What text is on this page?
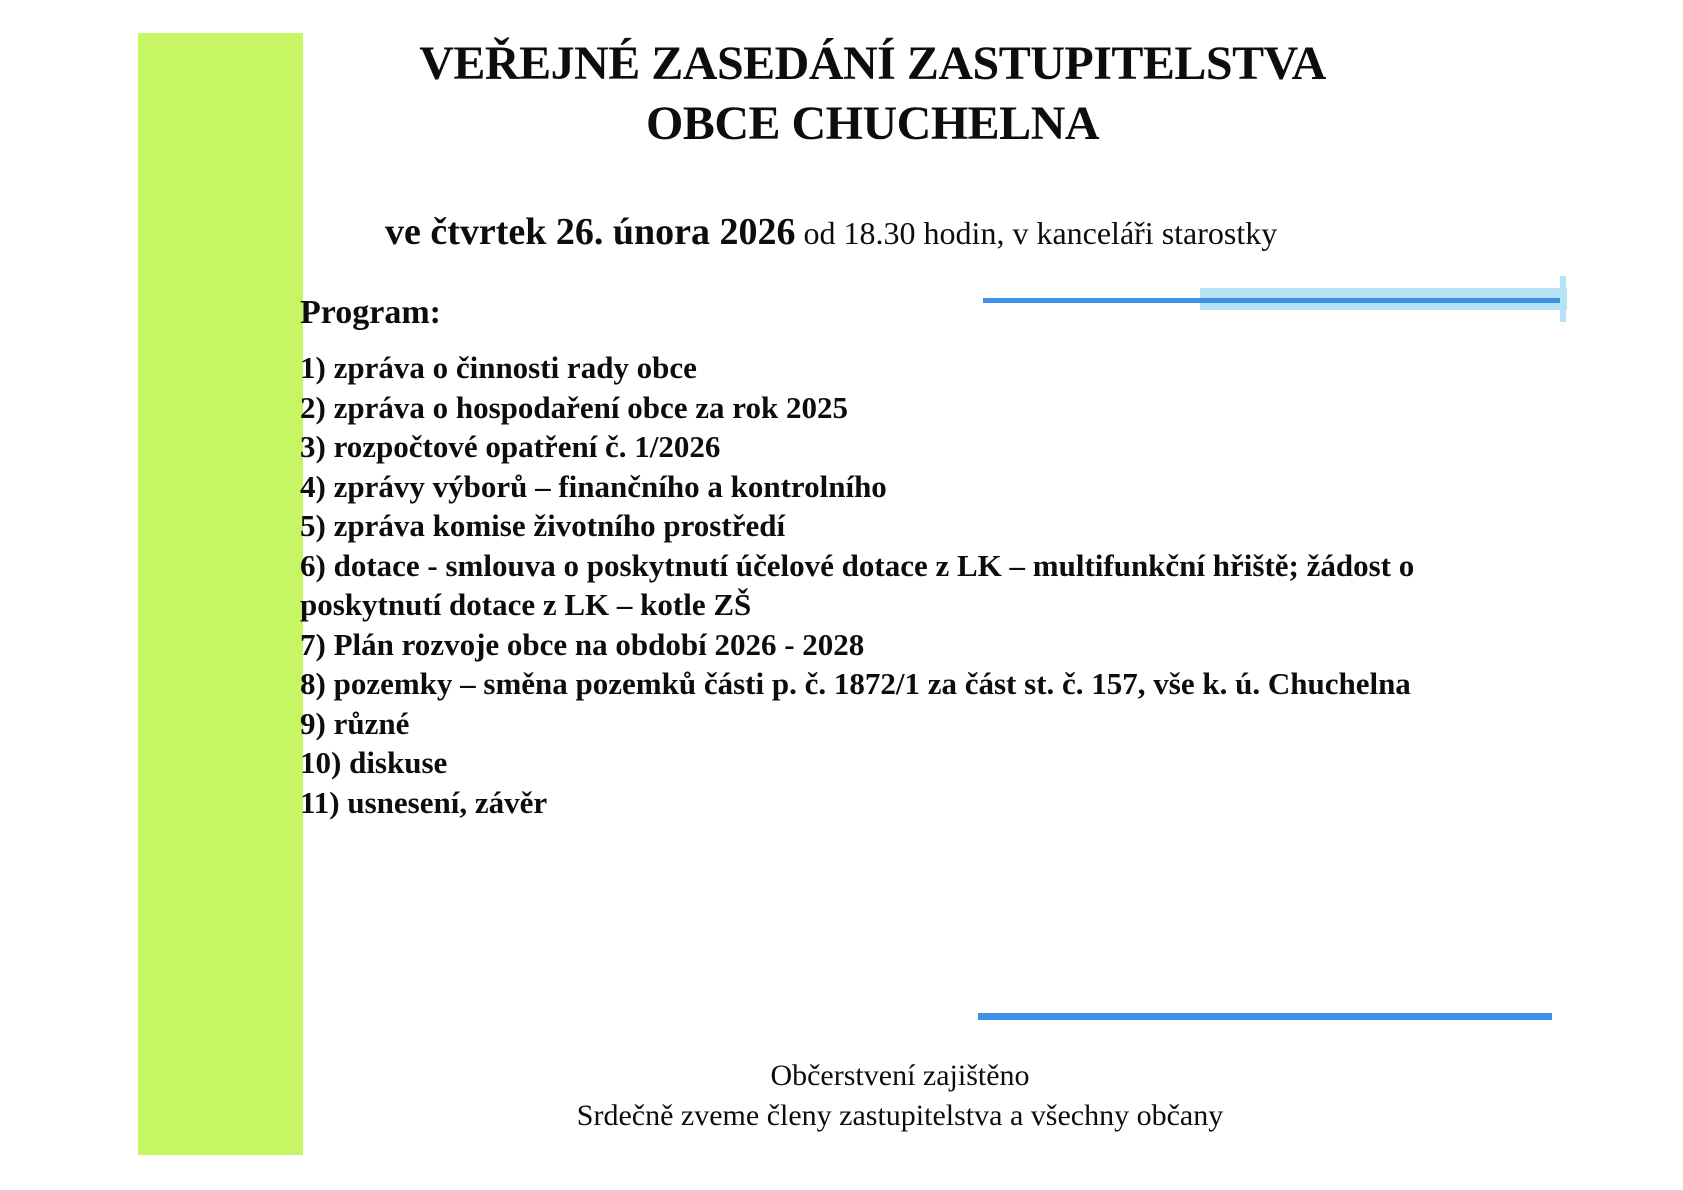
VEŘEJNÉ ZASEDÁNÍ ZASTUPITELSTVA
OBCE CHUCHELNA
ve čtvrtek 26. února 2026 od 18.30 hodin, v kanceláři starostky
Program:
1) zpráva o činnosti rady obce
2) zpráva o hospodaření obce za rok 2025
3) rozpočtové opatření č. 1/2026
4) zprávy výborů – finančního a kontrolního
5) zpráva komise životního prostředí
6) dotace - smlouva o poskytnutí účelové dotace z LK – multifunkční hřiště; žádost o poskytnutí dotace z LK – kotle ZŠ
7) Plán rozvoje obce na období 2026 - 2028
8) pozemky – směna pozemků části p. č. 1872/1 za část st. č. 157, vše k. ú. Chuchelna
9) různé
10) diskuse
11) usnesení, závěr
Občerstvení zajištěno
Srdečně zveme členy zastupitelstva a všechny občany
